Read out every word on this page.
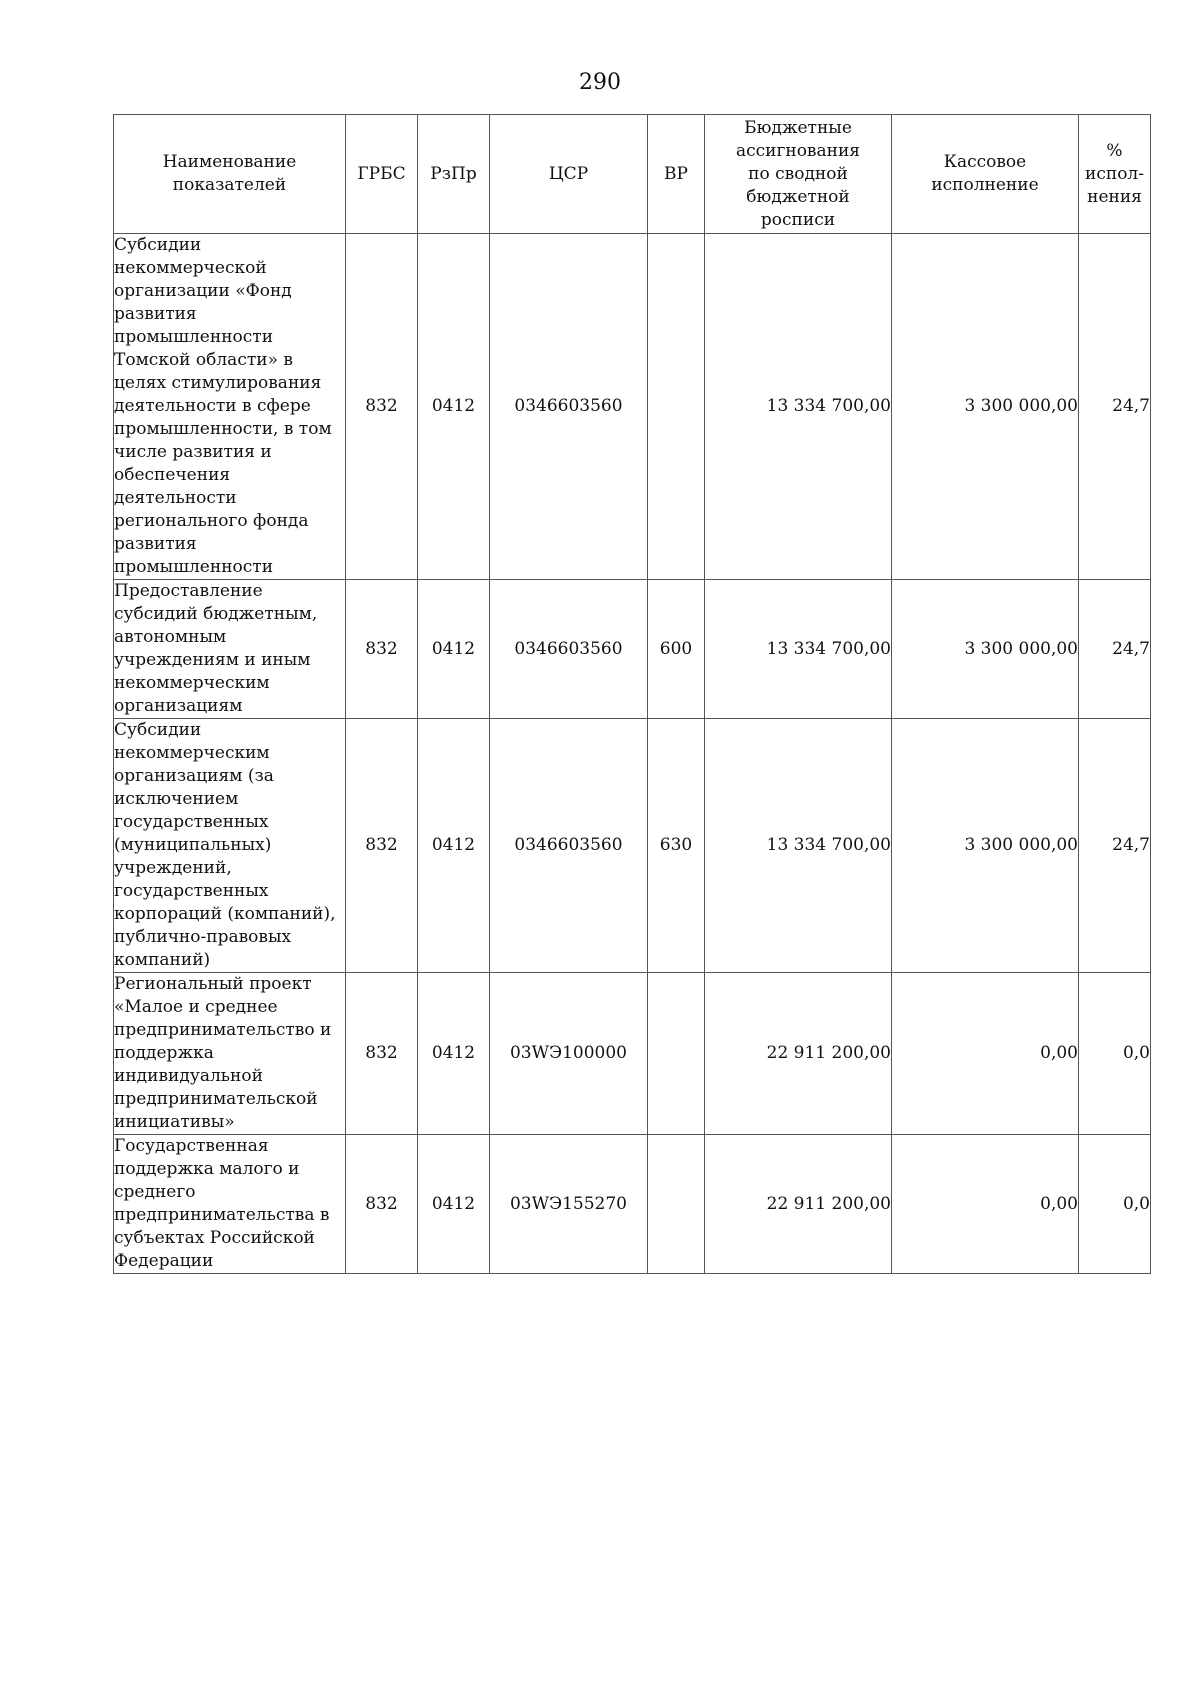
290
Наименование показателей	ГРБС	РзПр	ЦСР	ВР	Бюджетные ассигнования по сводной бюджетной росписи	Кассовое исполнение	% испол-нения
Субсидии некоммерческой организации «Фонд развития промышленности Томской области» в целях стимулирования деятельности в сфере промышленности, в том числе развития и обеспечения деятельности регионального фонда развития промышленности	832	0412	0346603560		13 334 700,00	3 300 000,00	24,7
Предоставление субсидий бюджетным, автономным учреждениям и иным некоммерческим организациям	832	0412	0346603560	600	13 334 700,00	3 300 000,00	24,7
Субсидии некоммерческим организациям (за исключением государственных (муниципальных) учреждений, государственных корпораций (компаний), публично-правовых компаний)	832	0412	0346603560	630	13 334 700,00	3 300 000,00	24,7
Региональный проект «Малое и среднее предпринимательство и поддержка индивидуальной предпринимательской инициативы»	832	0412	03WЭ100000		22 911 200,00	0,00	0,0
Государственная поддержка малого и среднего предпринимательства в субъектах Российской Федерации	832	0412	03WЭ155270		22 911 200,00	0,00	0,0
